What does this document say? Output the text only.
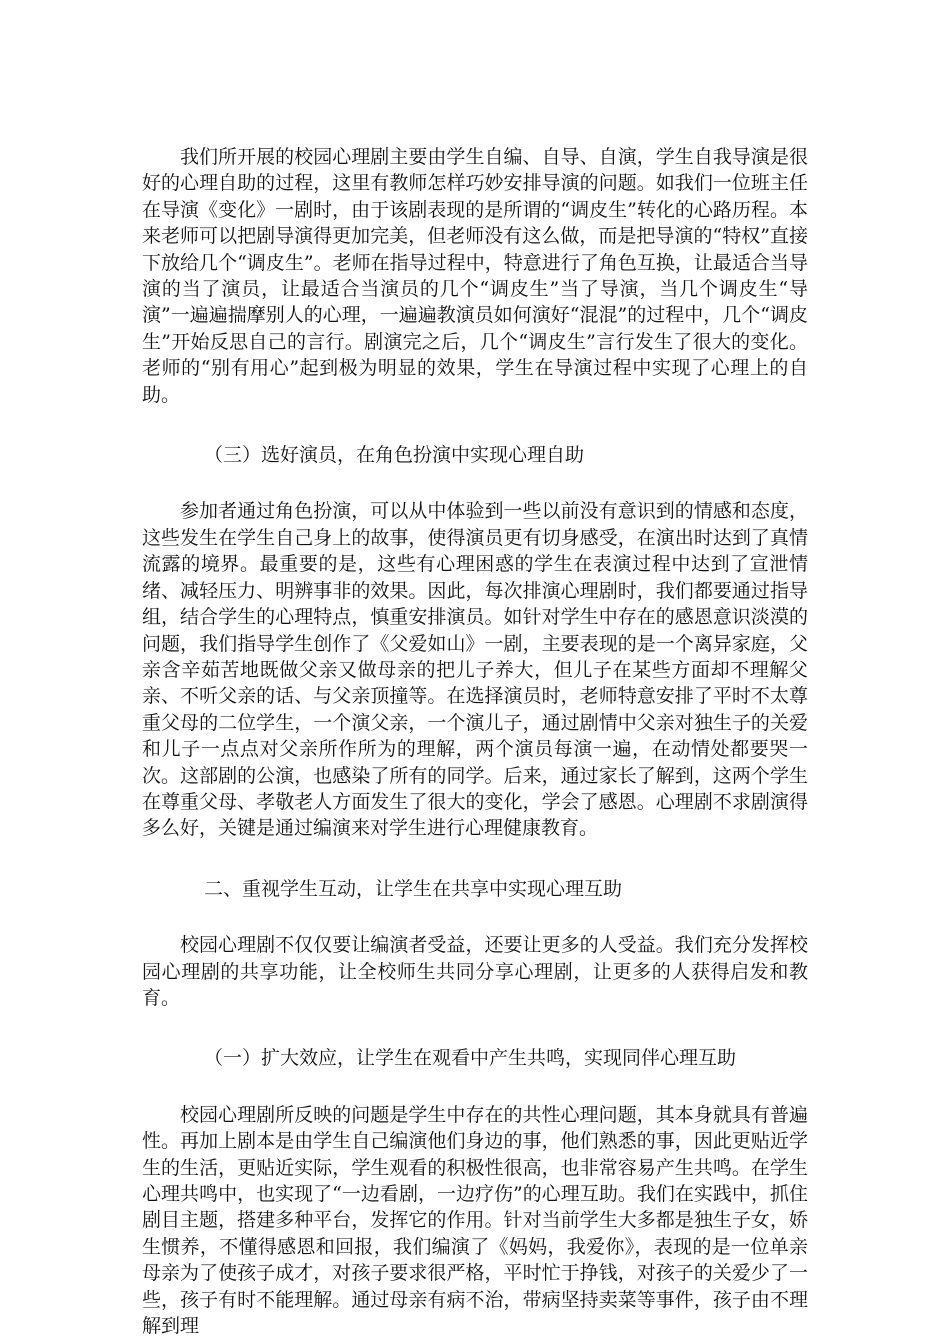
我们所开展的校园心理剧主要由学生自编、自导、自演，学生自我导演是很好的心理自助的过程，这里有教师怎样巧妙安排导演的问题。如我们一位班主任在导演《变化》一剧时，由于该剧表现的是所谓的“调皮生”转化的心路历程。本来老师可以把剧导演得更加完美，但老师没有这么做，而是把导演的“特权”直接下放给几个“调皮生”。老师在指导过程中，特意进行了角色互换，让最适合当导演的当了演员，让最适合当演员的几个“调皮生”当了导演，当几个调皮生“导演”一遍遍揣摩别人的心理，一遍遍教演员如何演好“混混”的过程中，几个“调皮生”开始反思自己的言行。剧演完之后，几个“调皮生”言行发生了很大的变化。老师的“别有用心”起到极为明显的效果，学生在导演过程中实现了心理上的自助。

（三）选好演员，在角色扮演中实现心理自助

参加者通过角色扮演，可以从中体验到一些以前没有意识到的情感和态度，这些发生在学生自己身上的故事，使得演员更有切身感受，在演出时达到了真情流露的境界。最重要的是，这些有心理困惑的学生在表演过程中达到了宣泄情绪、减轻压力、明辨事非的效果。因此，每次排演心理剧时，我们都要通过指导组，结合学生的心理特点，慎重安排演员。如针对学生中存在的感恩意识淡漠的问题，我们指导学生创作了《父爱如山》一剧，主要表现的是一个离异家庭，父亲含辛茹苦地既做父亲又做母亲的把儿子养大，但儿子在某些方面却不理解父亲、不听父亲的话、与父亲顶撞等。在选择演员时，老师特意安排了平时不太尊重父母的二位学生，一个演父亲，一个演儿子，通过剧情中父亲对独生子的关爱和儿子一点点对父亲所作所为的理解，两个演员每演一遍，在动情处都要哭一次。这部剧的公演，也感染了所有的同学。后来，通过家长了解到，这两个学生在尊重父母、孝敬老人方面发生了很大的变化，学会了感恩。心理剧不求剧演得多么好，关键是通过编演来对学生进行心理健康教育。

二、重视学生互动，让学生在共享中实现心理互助

校园心理剧不仅仅要让编演者受益，还要让更多的人受益。我们充分发挥校园心理剧的共享功能，让全校师生共同分享心理剧，让更多的人获得启发和教育。

（一）扩大效应，让学生在观看中产生共鸣，实现同伴心理互助

校园心理剧所反映的问题是学生中存在的共性心理问题，其本身就具有普遍性。再加上剧本是由学生自己编演他们身边的事，他们熟悉的事，因此更贴近学生的生活，更贴近实际，学生观看的积极性很高，也非常容易产生共鸣。在学生心理共鸣中，也实现了“一边看剧，一边疗伤”的心理互助。我们在实践中，抓住剧目主题，搭建多种平台，发挥它的作用。针对当前学生大多都是独生子女，娇生惯养，不懂得感恩和回报，我们编演了《妈妈，我爱你》，表现的是一位单亲母亲为了使孩子成才，对孩子要求很严格，平时忙于挣钱，对孩子的关爱少了一些，孩子有时不能理解。通过母亲有病不治，带病坚持卖菜等事件，孩子由不理解到理
